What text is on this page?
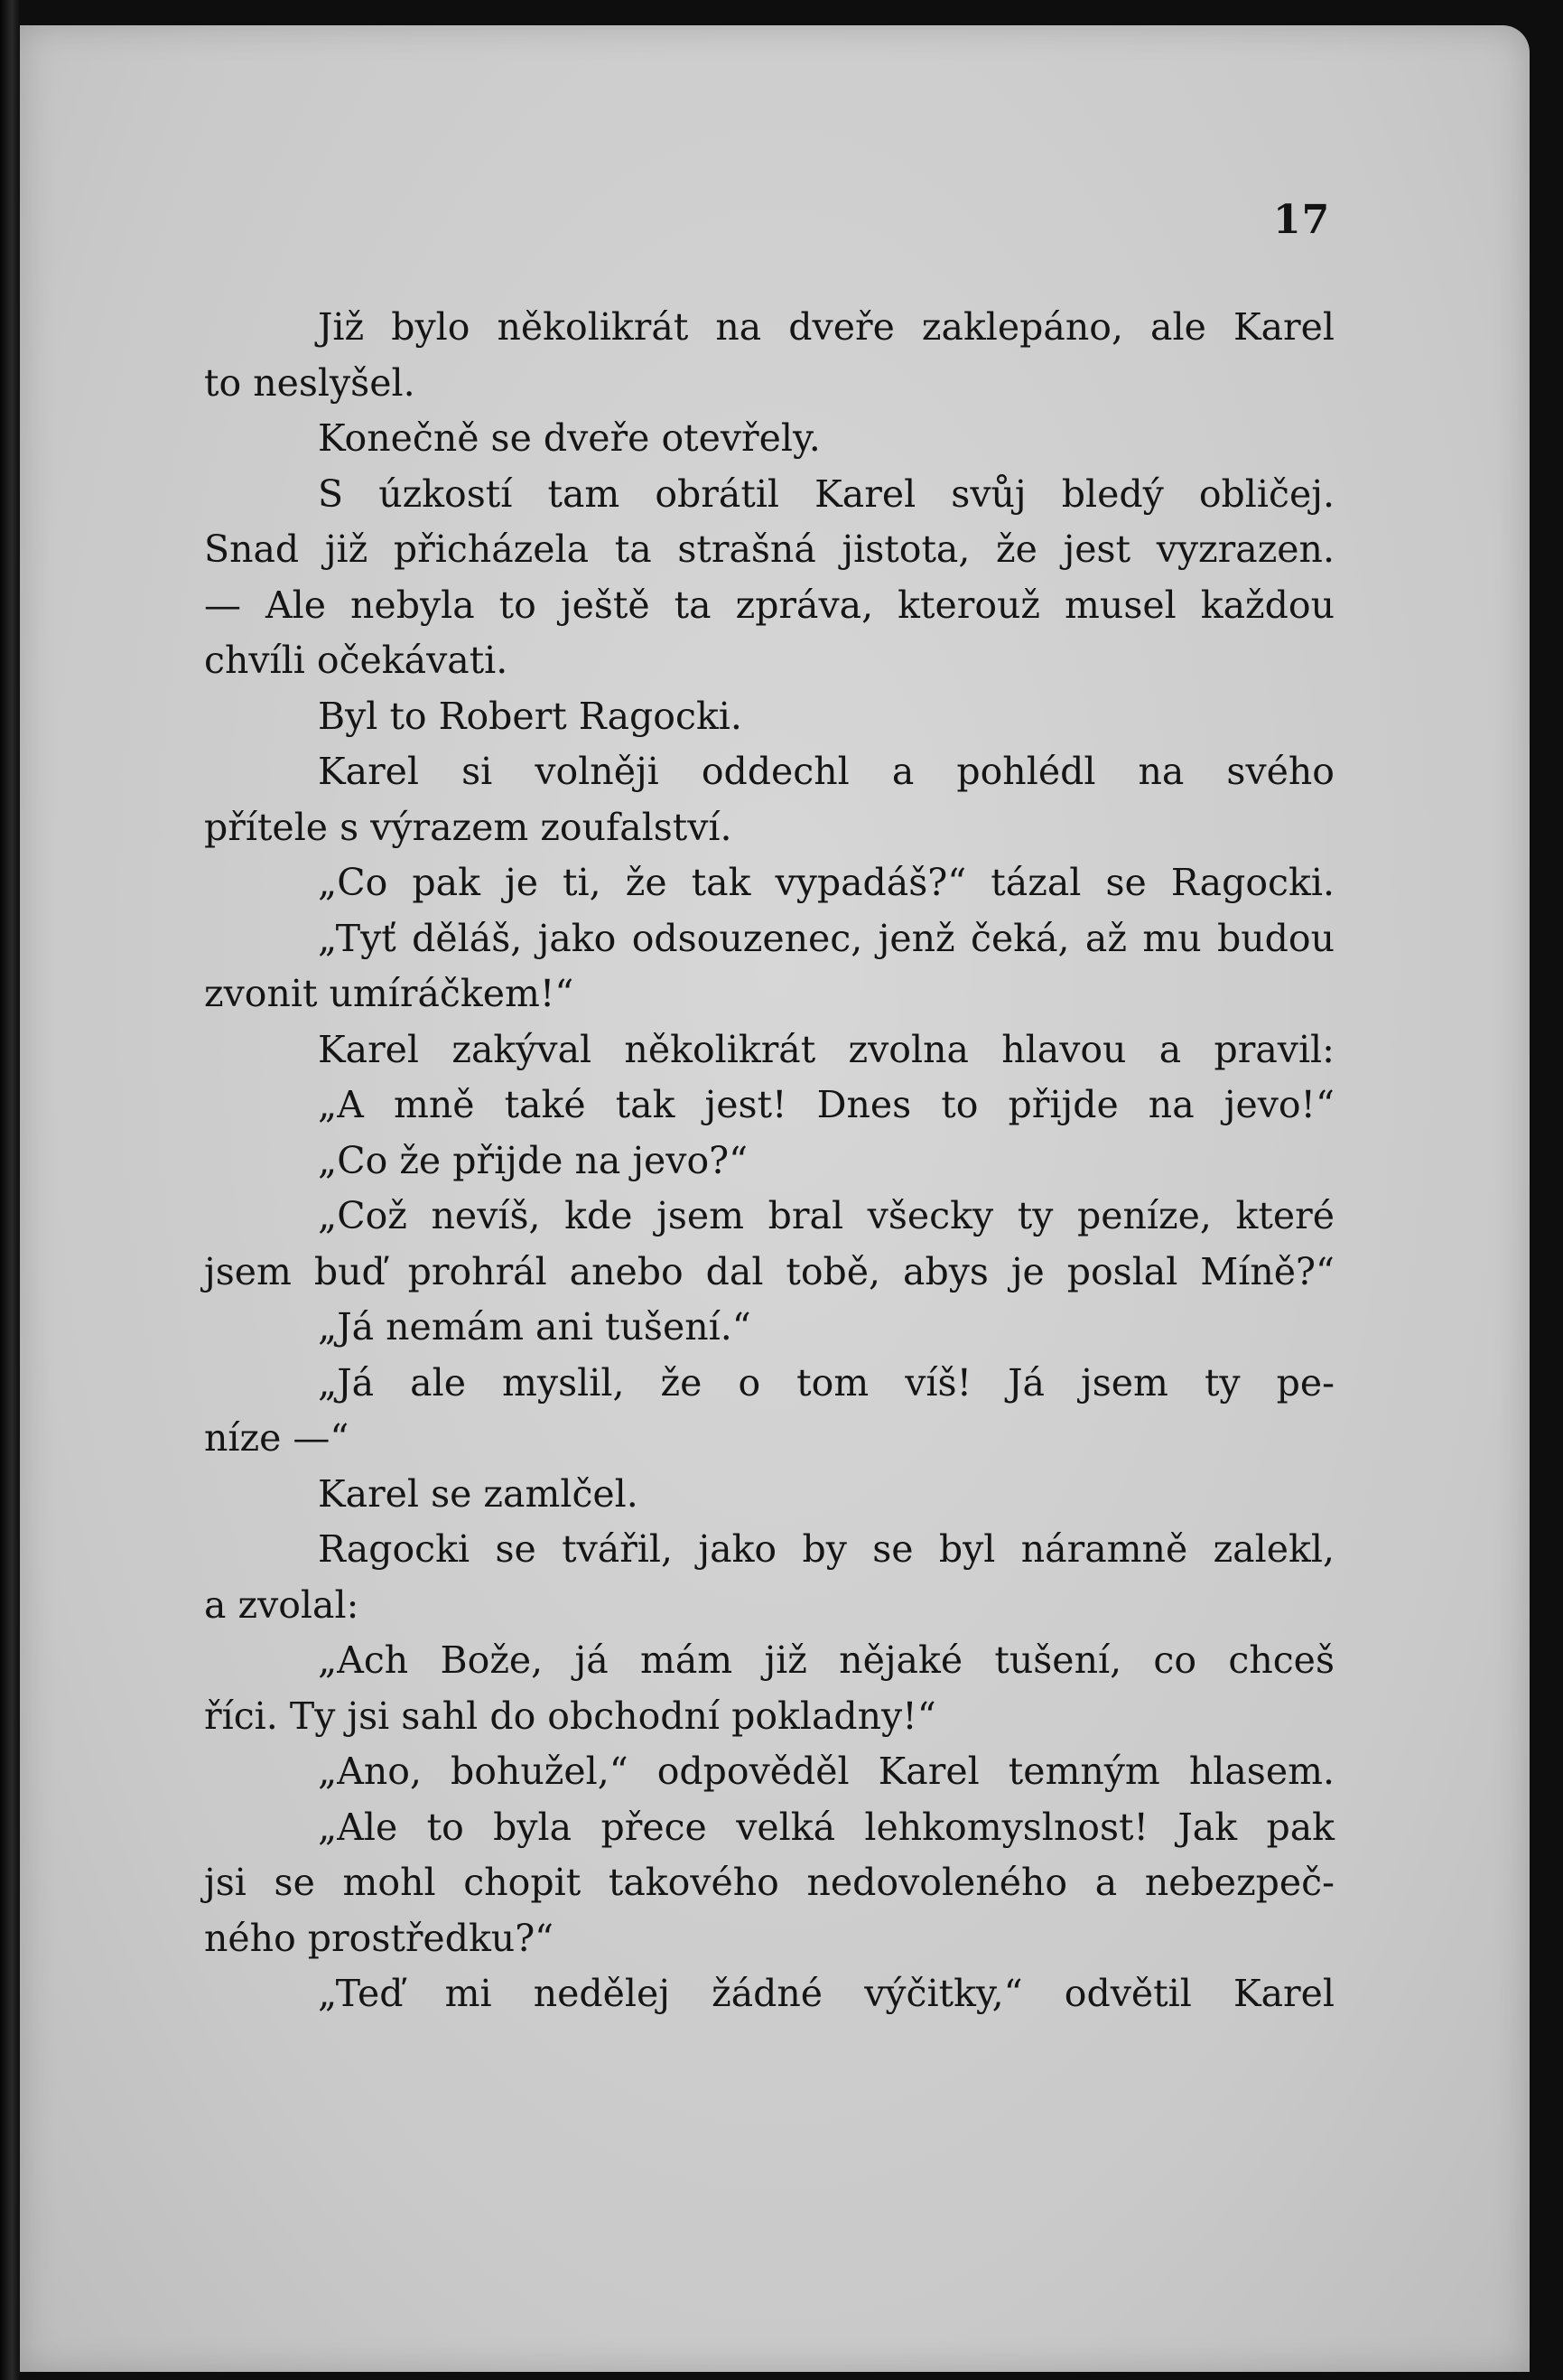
17
Již bylo několikrát na dveře zaklepáno, ale Karel
to neslyšel.
Konečně se dveře otevřely.
S úzkostí tam obrátil Karel svůj bledý obličej.
Snad již přicházela ta strašná jistota, že jest vyzrazen.
— Ale nebyla to ještě ta zpráva, kterouž musel každou
chvíli očekávati.
Byl to Robert Ragocki.
Karel si volněji oddechl a pohlédl na svého
přítele s výrazem zoufalství.
„Co pak je ti, že tak vypadáš?“ tázal se Ragocki.
„Tyť děláš, jako odsouzenec, jenž čeká, až mu budou
zvonit umíráčkem!“
Karel zakýval několikrát zvolna hlavou a pravil:
„A mně také tak jest! Dnes to přijde na jevo!“
„Co že přijde na jevo?“
„Což nevíš, kde jsem bral všecky ty peníze, které
jsem buď prohrál anebo dal tobě, abys je poslal Míně?“
„Já nemám ani tušení.“
„Já ale myslil, že o tom víš! Já jsem ty pe-
níze —“
Karel se zamlčel.
Ragocki se tvářil, jako by se byl náramně zalekl,
a zvolal:
„Ach Bože, já mám již nějaké tušení, co chceš
říci. Ty jsi sahl do obchodní pokladny!“
„Ano, bohužel,“ odpověděl Karel temným hlasem.
„Ale to byla přece velká lehkomyslnost! Jak pak
jsi se mohl chopit takového nedovoleného a nebezpeč-
ného prostředku?“
„Teď mi nedělej žádné výčitky,“ odvětil Karel
